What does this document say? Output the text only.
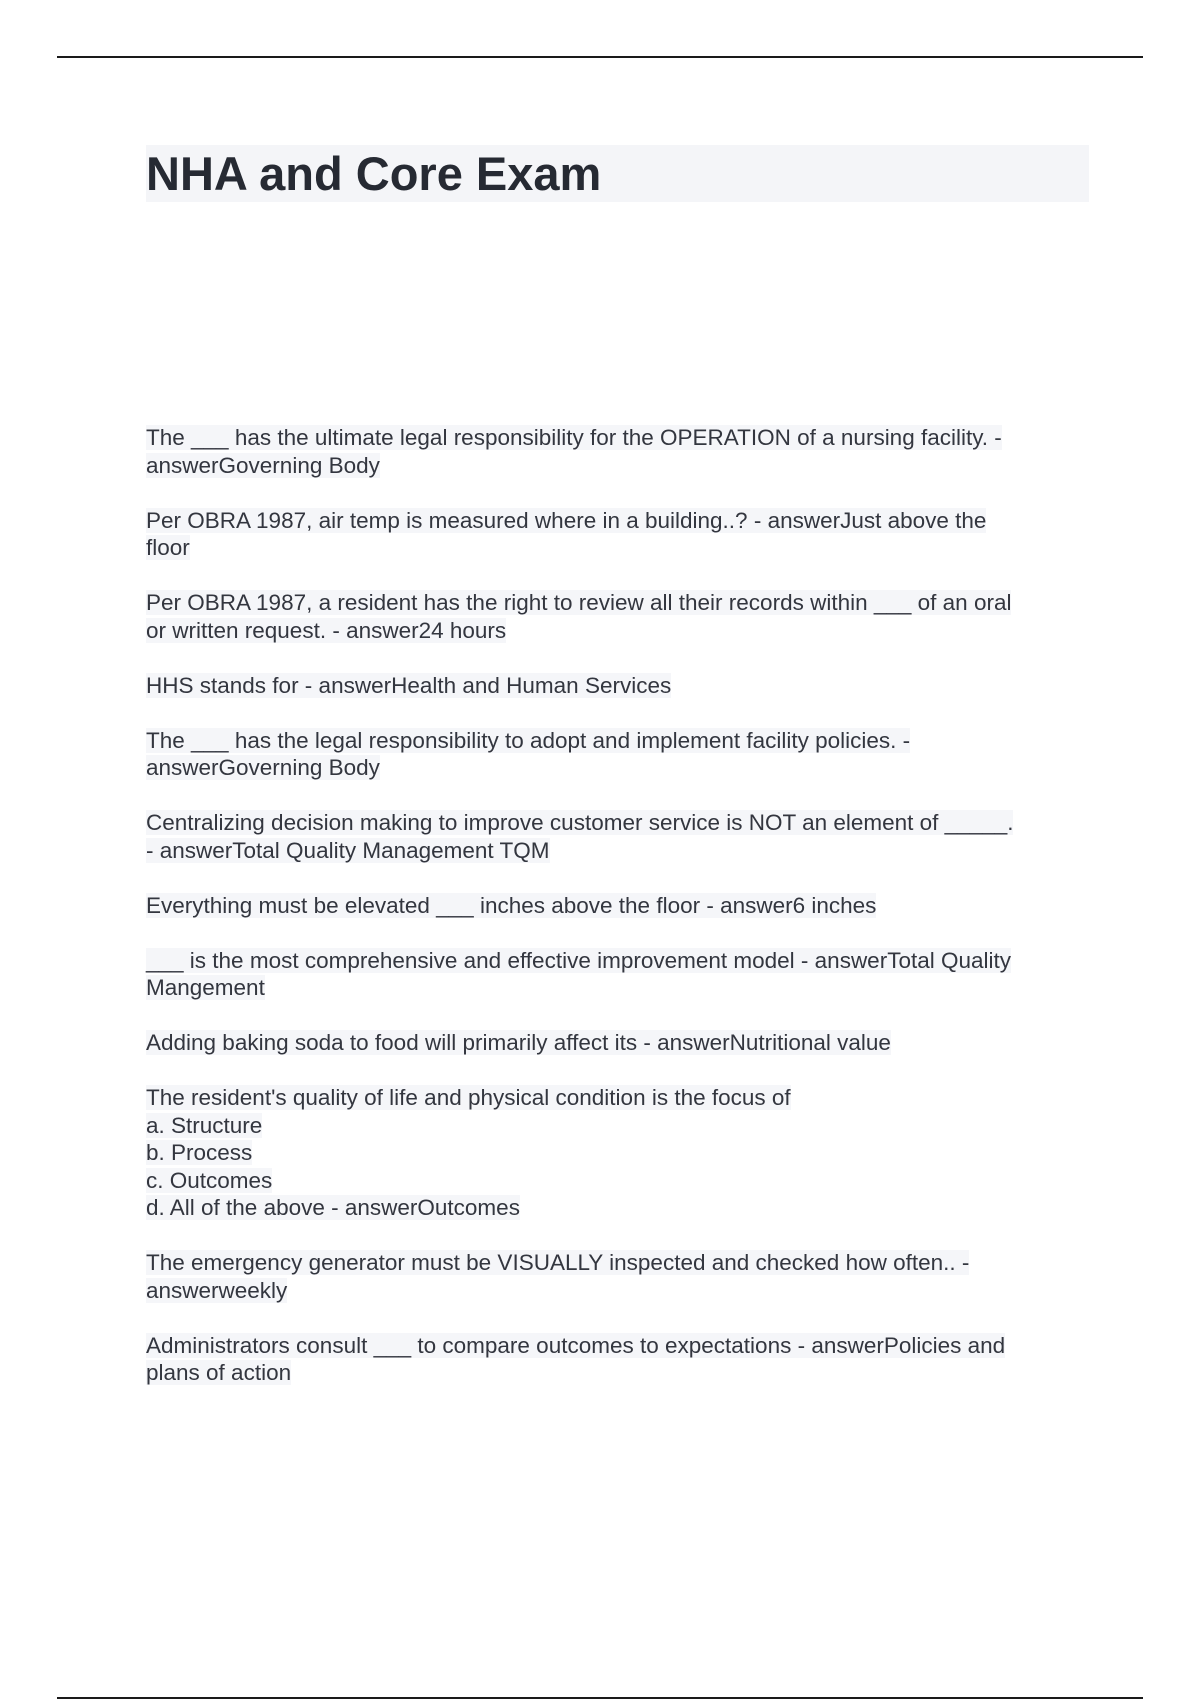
NHA and Core Exam
The ___ has the ultimate legal responsibility for the OPERATION of a nursing facility. -
answerGoverning Body
Per OBRA 1987, air temp is measured where in a building..? - answerJust above the
floor
Per OBRA 1987, a resident has the right to review all their records within ___ of an oral
or written request. - answer24 hours
HHS stands for - answerHealth and Human Services
The ___ has the legal responsibility to adopt and implement facility policies. -
answerGoverning Body
Centralizing decision making to improve customer service is NOT an element of _____.
- answerTotal Quality Management TQM
Everything must be elevated ___ inches above the floor - answer6 inches
___ is the most comprehensive and effective improvement model - answerTotal Quality
Mangement
Adding baking soda to food will primarily affect its - answerNutritional value
The resident's quality of life and physical condition is the focus of
a. Structure
b. Process
c. Outcomes
d. All of the above - answerOutcomes
The emergency generator must be VISUALLY inspected and checked how often.. -
answerweekly
Administrators consult ___ to compare outcomes to expectations - answerPolicies and
plans of action
